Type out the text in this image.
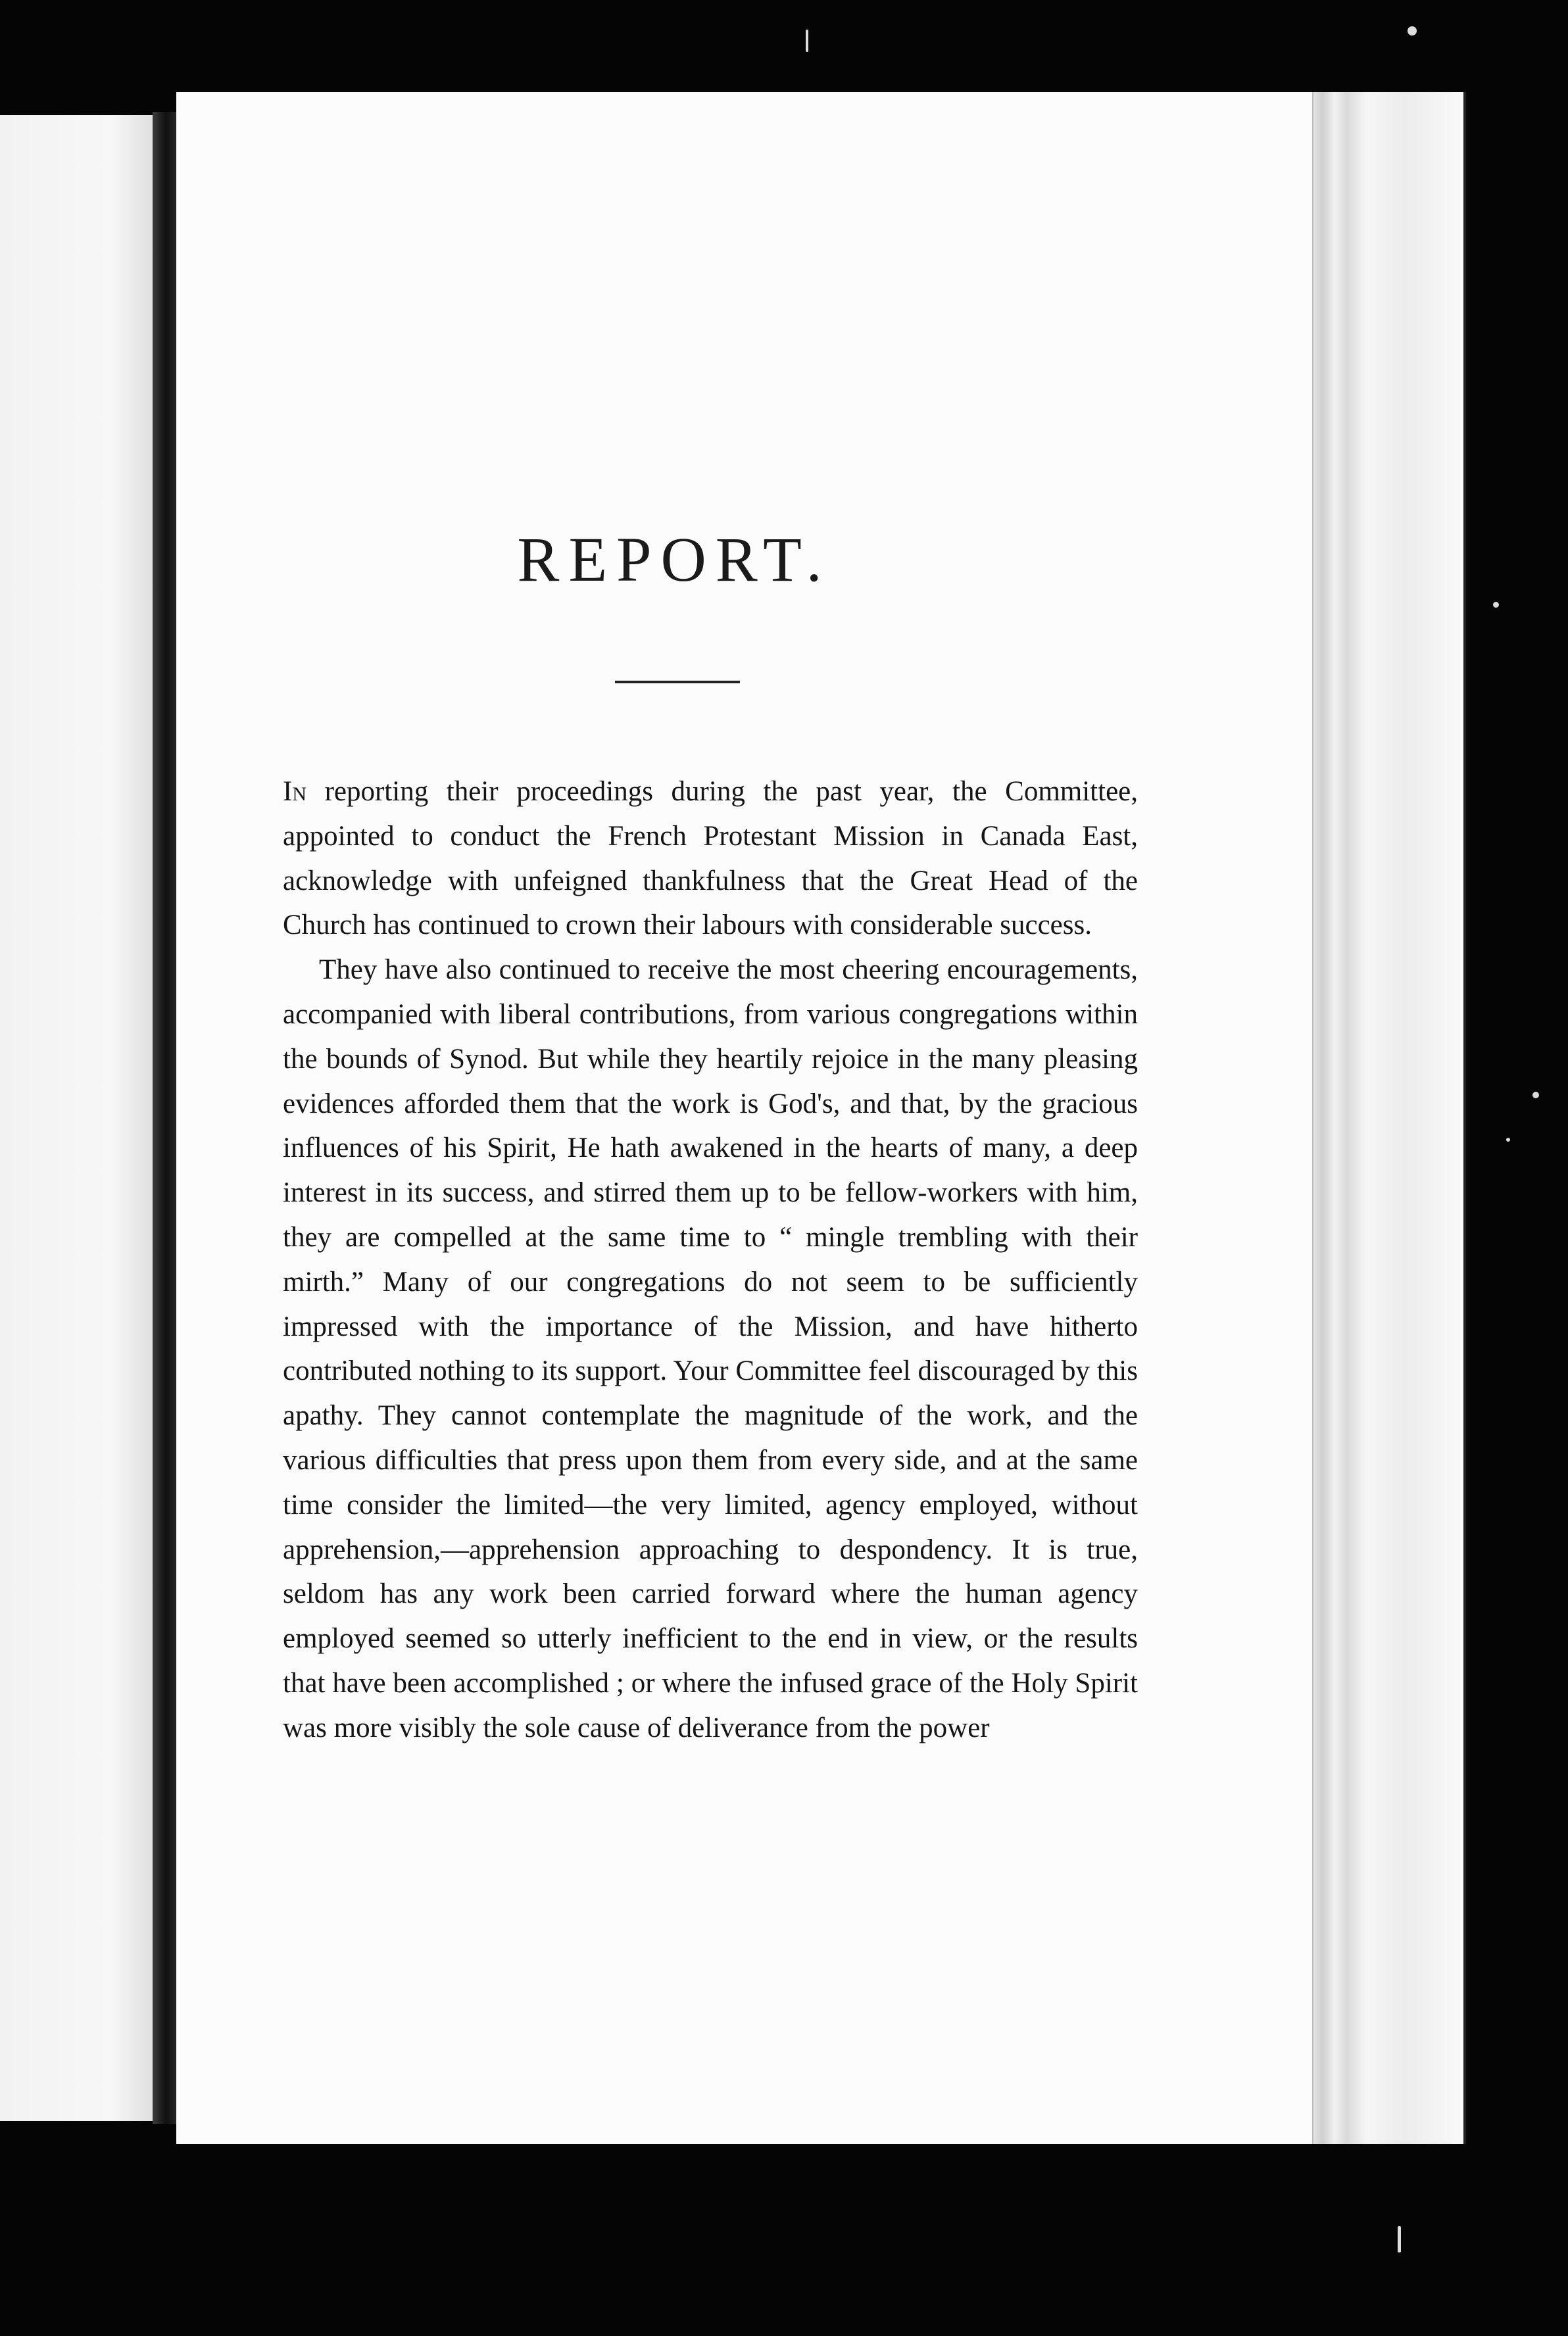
REPORT.

In reporting their proceedings during the past year, the Committee, appointed to conduct the French Protestant Mission in Canada East, acknowledge with unfeigned thankfulness that the Great Head of the Church has continued to crown their labours with considerable success.

They have also continued to receive the most cheering encouragements, accompanied with liberal contributions, from various congregations within the bounds of Synod. But while they heartily rejoice in the many pleasing evidences afforded them that the work is God's, and that, by the gracious influences of his Spirit, He hath awakened in the hearts of many, a deep interest in its success, and stirred them up to be fellow-workers with him, they are compelled at the same time to “ mingle trembling with their mirth.” Many of our congregations do not seem to be sufficiently impressed with the importance of the Mission, and have hitherto contributed nothing to its support. Your Committee feel discouraged by this apathy. They cannot contemplate the magnitude of the work, and the various difficulties that press upon them from every side, and at the same time consider the limited—the very limited, agency employed, without apprehension,—apprehension approaching to despondency. It is true, seldom has any work been carried forward where the human agency employed seemed so utterly inefficient to the end in view, or the results that have been accomplished ; or where the infused grace of the Holy Spirit was more visibly the sole cause of deliverance from the power
